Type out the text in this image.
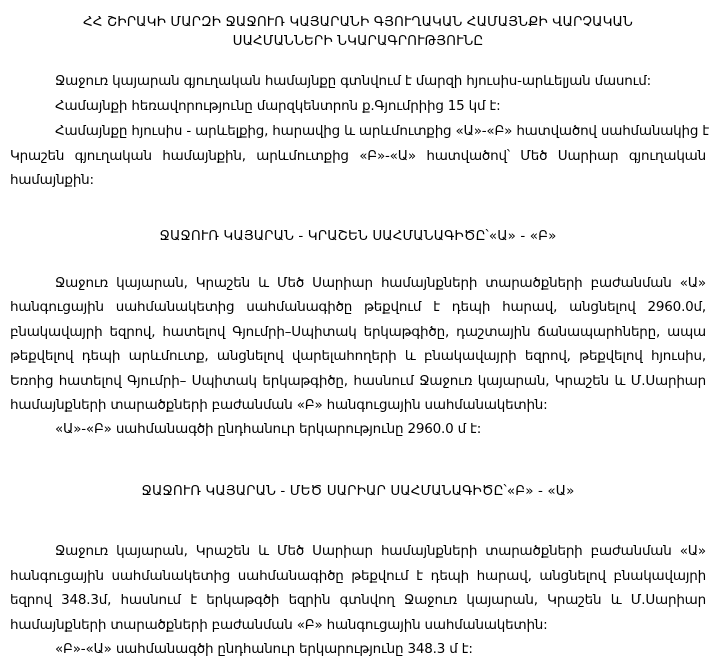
ՀՀ ՇԻՐԱԿԻ ՄԱՐԶԻ ՋԱՋՈՒՌ ԿԱՅԱՐԱՆԻ ԳՅՈՒՂԱԿԱՆ ՀԱՄԱՅՆՔԻ ՎԱՐՉԱԿԱՆ
ՍԱՀՄԱՆՆԵՐԻ ՆԿԱՐԱԳՐՈՒԹՅՈՒՆԸ
Ջաջուռ կայարան գյուղական համայնքը գտնվում է մարզի հյուսիս-արևելյան մասում:
Համայնքի հեռավորությունը մարզկենտրոն ք.Գյումրիից 15 կմ է:
Համայնքը հյուսիս - արևելքից, հարավից և արևմուտքից «Ա»-«Բ» հատվածով սահմանակից է
Կրաշեն գյուղական համայնքին, արևմուտքից «Բ»-«Ա» հատվածով՝ Մեծ Սարիար գյուղական
համայնքին:
ՋԱՋՈՒՌ ԿԱՅԱՐԱՆ - ԿՐԱՇԵՆ ՍԱՀՄԱՆԱԳԻԾԸ՝«Ա» - «Բ»
Ջաջուռ կայարան, Կրաշեն և Մեծ Սարիար համայնքների տարածքների բաժանման «Ա»
հանգուցային սահմանակետից սահմանագիծը թեքվում է դեպի հարավ, անցնելով 2960.0մ,
բնակավայրի եզրով, հատելով Գյումրի–Սպիտակ երկաթգիծը, դաշտային ճանապարհները, ապա
թեքվելով դեպի արևմուտք, անցնելով վարելահողերի և բնակավայրի եզրով, թեքվելով հյուսիս,
Եռոից հատելով Գյումրի– Սպիտակ երկաթգիծը, հասնում Ջաջուռ կայարան, Կրաշեն և Մ.Սարիար
համայնքների տարածքների բաժանման «Բ» հանգուցային սահմանակետին:
«Ա»-«Բ» սահմանագծի ընդհանուր երկարությունը 2960.0 մ է:
ՋԱՋՈՒՌ ԿԱՅԱՐԱՆ - ՄԵԾ ՍԱՐԻԱՐ ՍԱՀՄԱՆԱԳԻԾԸ՝«Բ» - «Ա»
Ջաջուռ կայարան, Կրաշեն և Մեծ Սարիար համայնքների տարածքների բաժանման «Ա»
հանգուցային սահմանակետից սահմանագիծը թեքվում է դեպի հարավ, անցնելով բնակավայրի
եզրով 348.3մ, հասնում է երկաթգծի եզրին գտնվող Ջաջուռ կայարան, Կրաշեն և Մ.Սարիար
համայնքների տարածքների բաժանման «Բ» հանգուցային սահմանակետին:
«Բ»-«Ա» սահմանագծի ընդհանուր երկարությունը 348.3 մ է:
